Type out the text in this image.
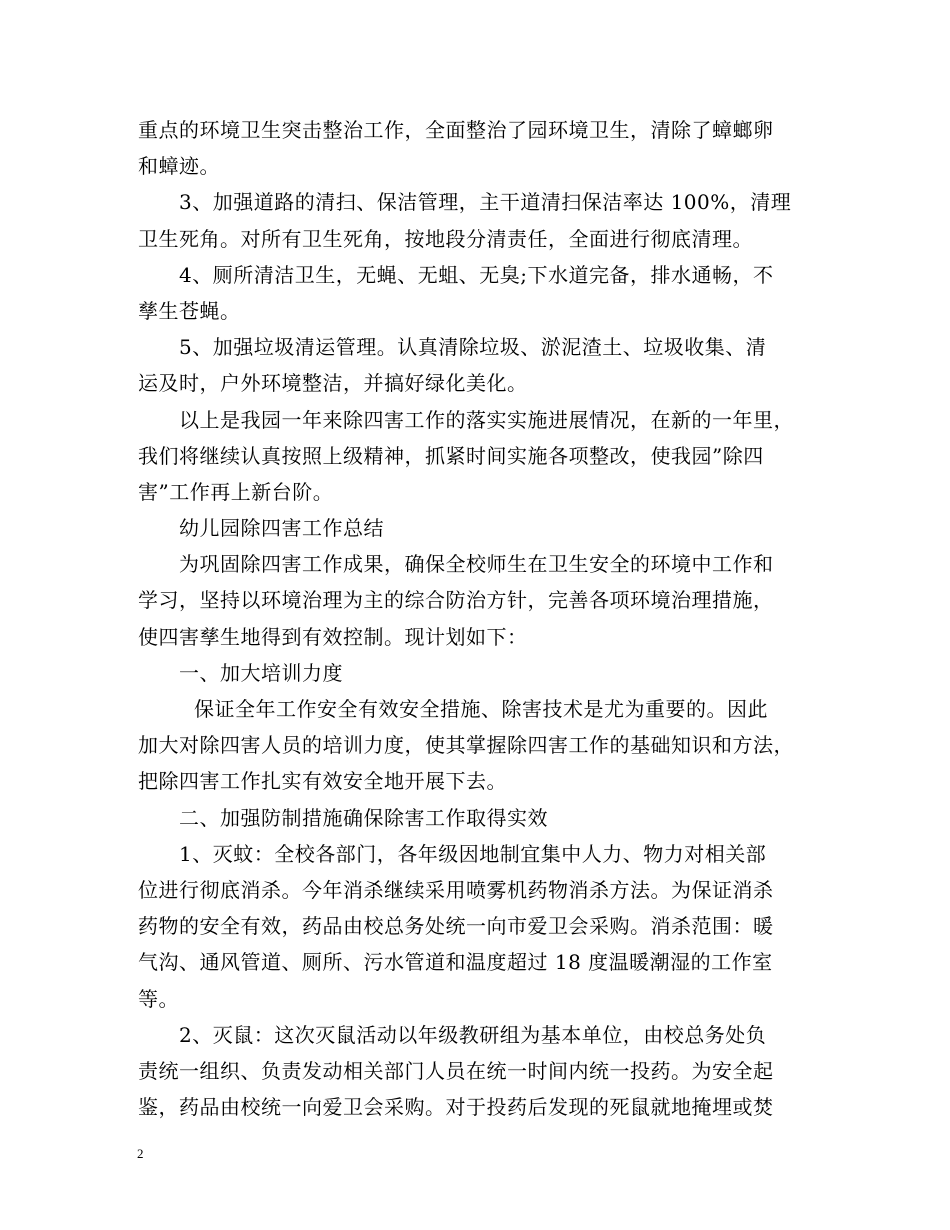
重点的环境卫生突击整治工作，全面整治了园环境卫生，清除了蟑螂卵
和蟑迹。
3、加强道路的清扫、保洁管理，主干道清扫保洁率达 100%，清理
卫生死角。对所有卫生死角，按地段分清责任，全面进行彻底清理。
4、厕所清洁卫生，无蝇、无蛆、无臭;下水道完备，排水通畅，不
孳生苍蝇。
5、加强垃圾清运管理。认真清除垃圾、淤泥渣土、垃圾收集、清
运及时，户外环境整洁，并搞好绿化美化。
以上是我园一年来除四害工作的落实实施进展情况，在新的一年里，
我们将继续认真按照上级精神，抓紧时间实施各项整改，使我园”除四
害”工作再上新台阶。
幼儿园除四害工作总结
为巩固除四害工作成果，确保全校师生在卫生安全的环境中工作和
学习，坚持以环境治理为主的综合防治方针，完善各项环境治理措施，
使四害孳生地得到有效控制。现计划如下：
一、加大培训力度
保证全年工作安全有效安全措施、除害技术是尤为重要的。因此
加大对除四害人员的培训力度，使其掌握除四害工作的基础知识和方法，
把除四害工作扎实有效安全地开展下去。
二、加强防制措施确保除害工作取得实效
1、灭蚊：全校各部门，各年级因地制宜集中人力、物力对相关部
位进行彻底消杀。今年消杀继续采用喷雾机药物消杀方法。为保证消杀
药物的安全有效，药品由校总务处统一向市爱卫会采购。消杀范围：暖
气沟、通风管道、厕所、污水管道和温度超过 18 度温暖潮湿的工作室
等。
2、灭鼠：这次灭鼠活动以年级教研组为基本单位，由校总务处负
责统一组织、负责发动相关部门人员在统一时间内统一投药。为安全起
鉴，药品由校统一向爱卫会采购。对于投药后发现的死鼠就地掩埋或焚
2
